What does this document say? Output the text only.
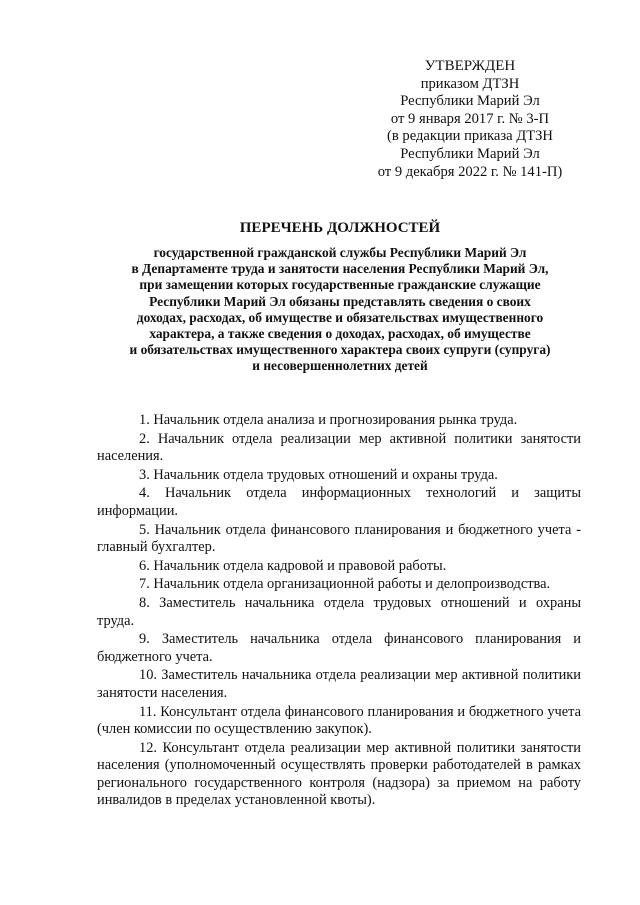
УТВЕРЖДЕН
приказом ДТЗН
Республики Марий Эл
от 9 января 2017 г. № 3-П
(в редакции приказа ДТЗН
Республики Марий Эл
от 9 декабря 2022 г. № 141-П)
ПЕРЕЧЕНЬ ДОЛЖНОСТЕЙ
государственной гражданской службы Республики Марий Эл
в Департаменте труда и занятости населения Республики Марий Эл,
при замещении которых государственные гражданские служащие
Республики Марий Эл обязаны представлять сведения о своих
доходах, расходах, об имуществе и обязательствах имущественного
характера, а также сведения о доходах, расходах, об имуществе
и обязательствах имущественного характера своих супруги (супруга)
и несовершеннолетних детей

1. Начальник отдела анализа и прогнозирования рынка труда.

2. Начальник отдела реализации мер активной политики занятости населения.

3. Начальник отдела трудовых отношений и охраны труда.

4. Начальник отдела информационных технологий и защиты информации.

5. Начальник отдела финансового планирования и бюджетного учета - главный бухгалтер.

6. Начальник отдела кадровой и правовой работы.

7. Начальник отдела организационной работы и делопроизводства.

8. Заместитель начальника отдела трудовых отношений и охраны труда.

9. Заместитель начальника отдела финансового планирования и бюджетного учета.

10. Заместитель начальника отдела реализации мер активной политики занятости населения.

11. Консультант отдела финансового планирования и бюджетного учета (член комиссии по осуществлению закупок).

12. Консультант отдела реализации мер активной политики занятости населения (уполномоченный осуществлять проверки работодателей в рамках регионального государственного контроля (надзора) за приемом на работу инвалидов в пределах установленной квоты).
